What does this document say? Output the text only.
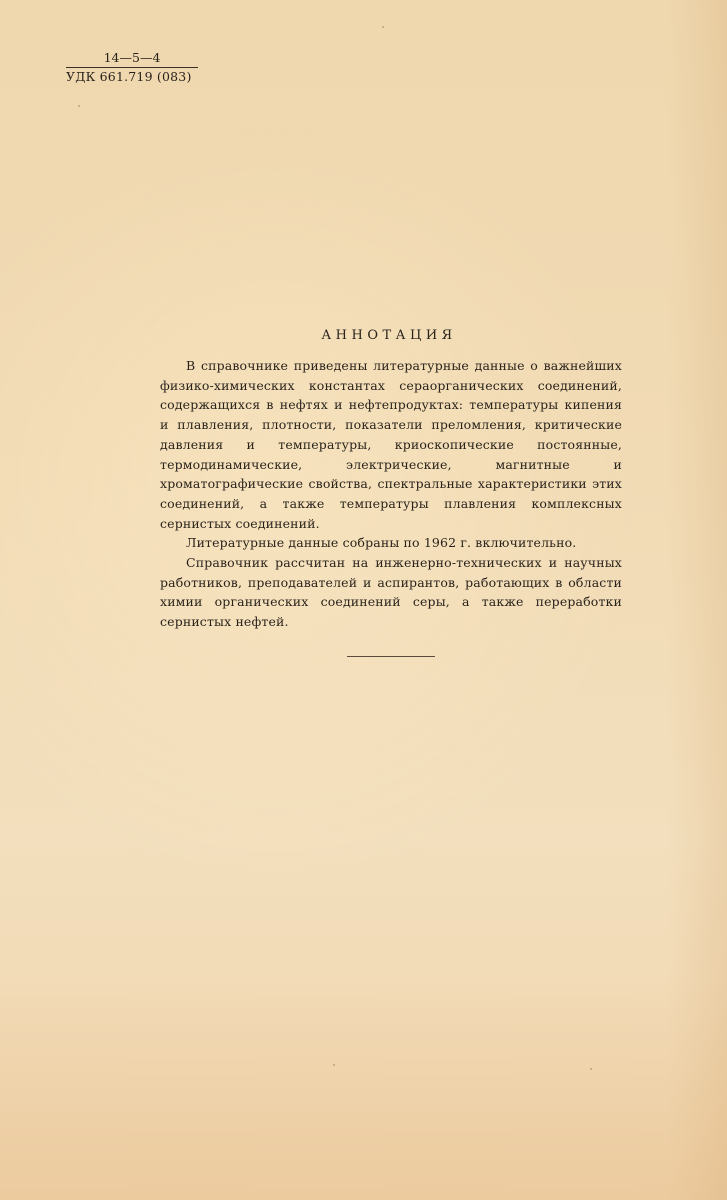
14—5—4
УДК 661.719 (083)
АННОТАЦИЯ

В справочнике приведены литературные данные о важнейших физико-химических константах сераорганических соединений, содержащихся в нефтях и нефтепродуктах: температуры кипения и плавления, плотности, показатели преломления, критические давления и температуры, криоскопические постоянные, термодинамические, электрические, магнитные и хроматографические свойства, спектральные характеристики этих соединений, а также температуры плавления комплексных сернистых соединений.

Литературные данные собраны по 1962 г. включительно.

Справочник рассчитан на инженерно-технических и научных работников, преподавателей и аспирантов, работающих в области химии органических соединений серы, а также переработки сернистых нефтей.
